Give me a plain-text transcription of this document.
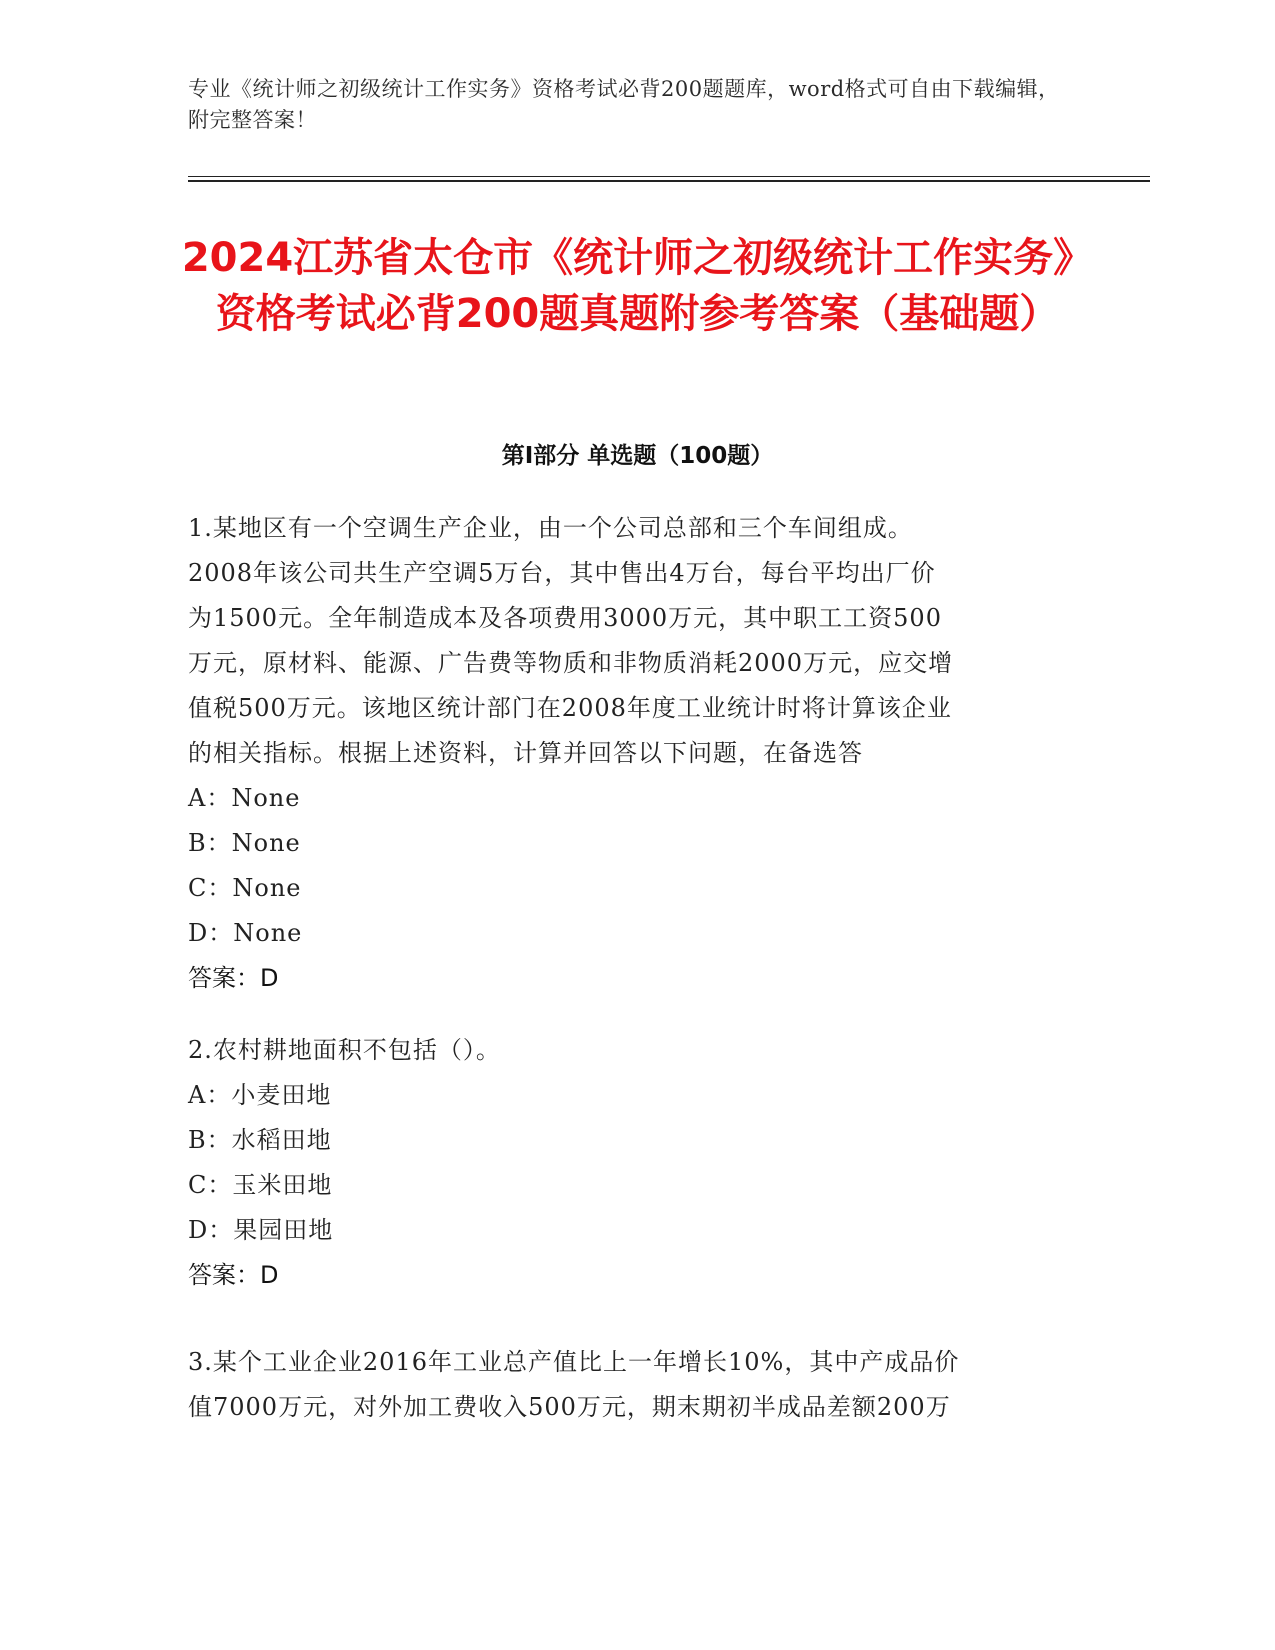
专业《统计师之初级统计工作实务》资格考试必背200题题库，word格式可自由下载编辑，附完整答案！
2024江苏省太仓市《统计师之初级统计工作实务》资格考试必背200题真题附参考答案（基础题）
第I部分 单选题（100题）
1.某地区有一个空调生产企业，由一个公司总部和三个车间组成。
2008年该公司共生产空调5万台，其中售出4万台，每台平均出厂价
为1500元。全年制造成本及各项费用3000万元，其中职工工资500
万元，原材料、能源、广告费等物质和非物质消耗2000万元，应交增
值税500万元。该地区统计部门在2008年度工业统计时将计算该企业
的相关指标。根据上述资料，计算并回答以下问题，在备选答
A：None
B：None
C：None
D：None
答案：D
2.农村耕地面积不包括（）。
A：小麦田地
B：水稻田地
C：玉米田地
D：果园田地
答案：D
3.某个工业企业2016年工业总产值比上一年增长10%，其中产成品价
值7000万元，对外加工费收入500万元，期末期初半成品差额200万
